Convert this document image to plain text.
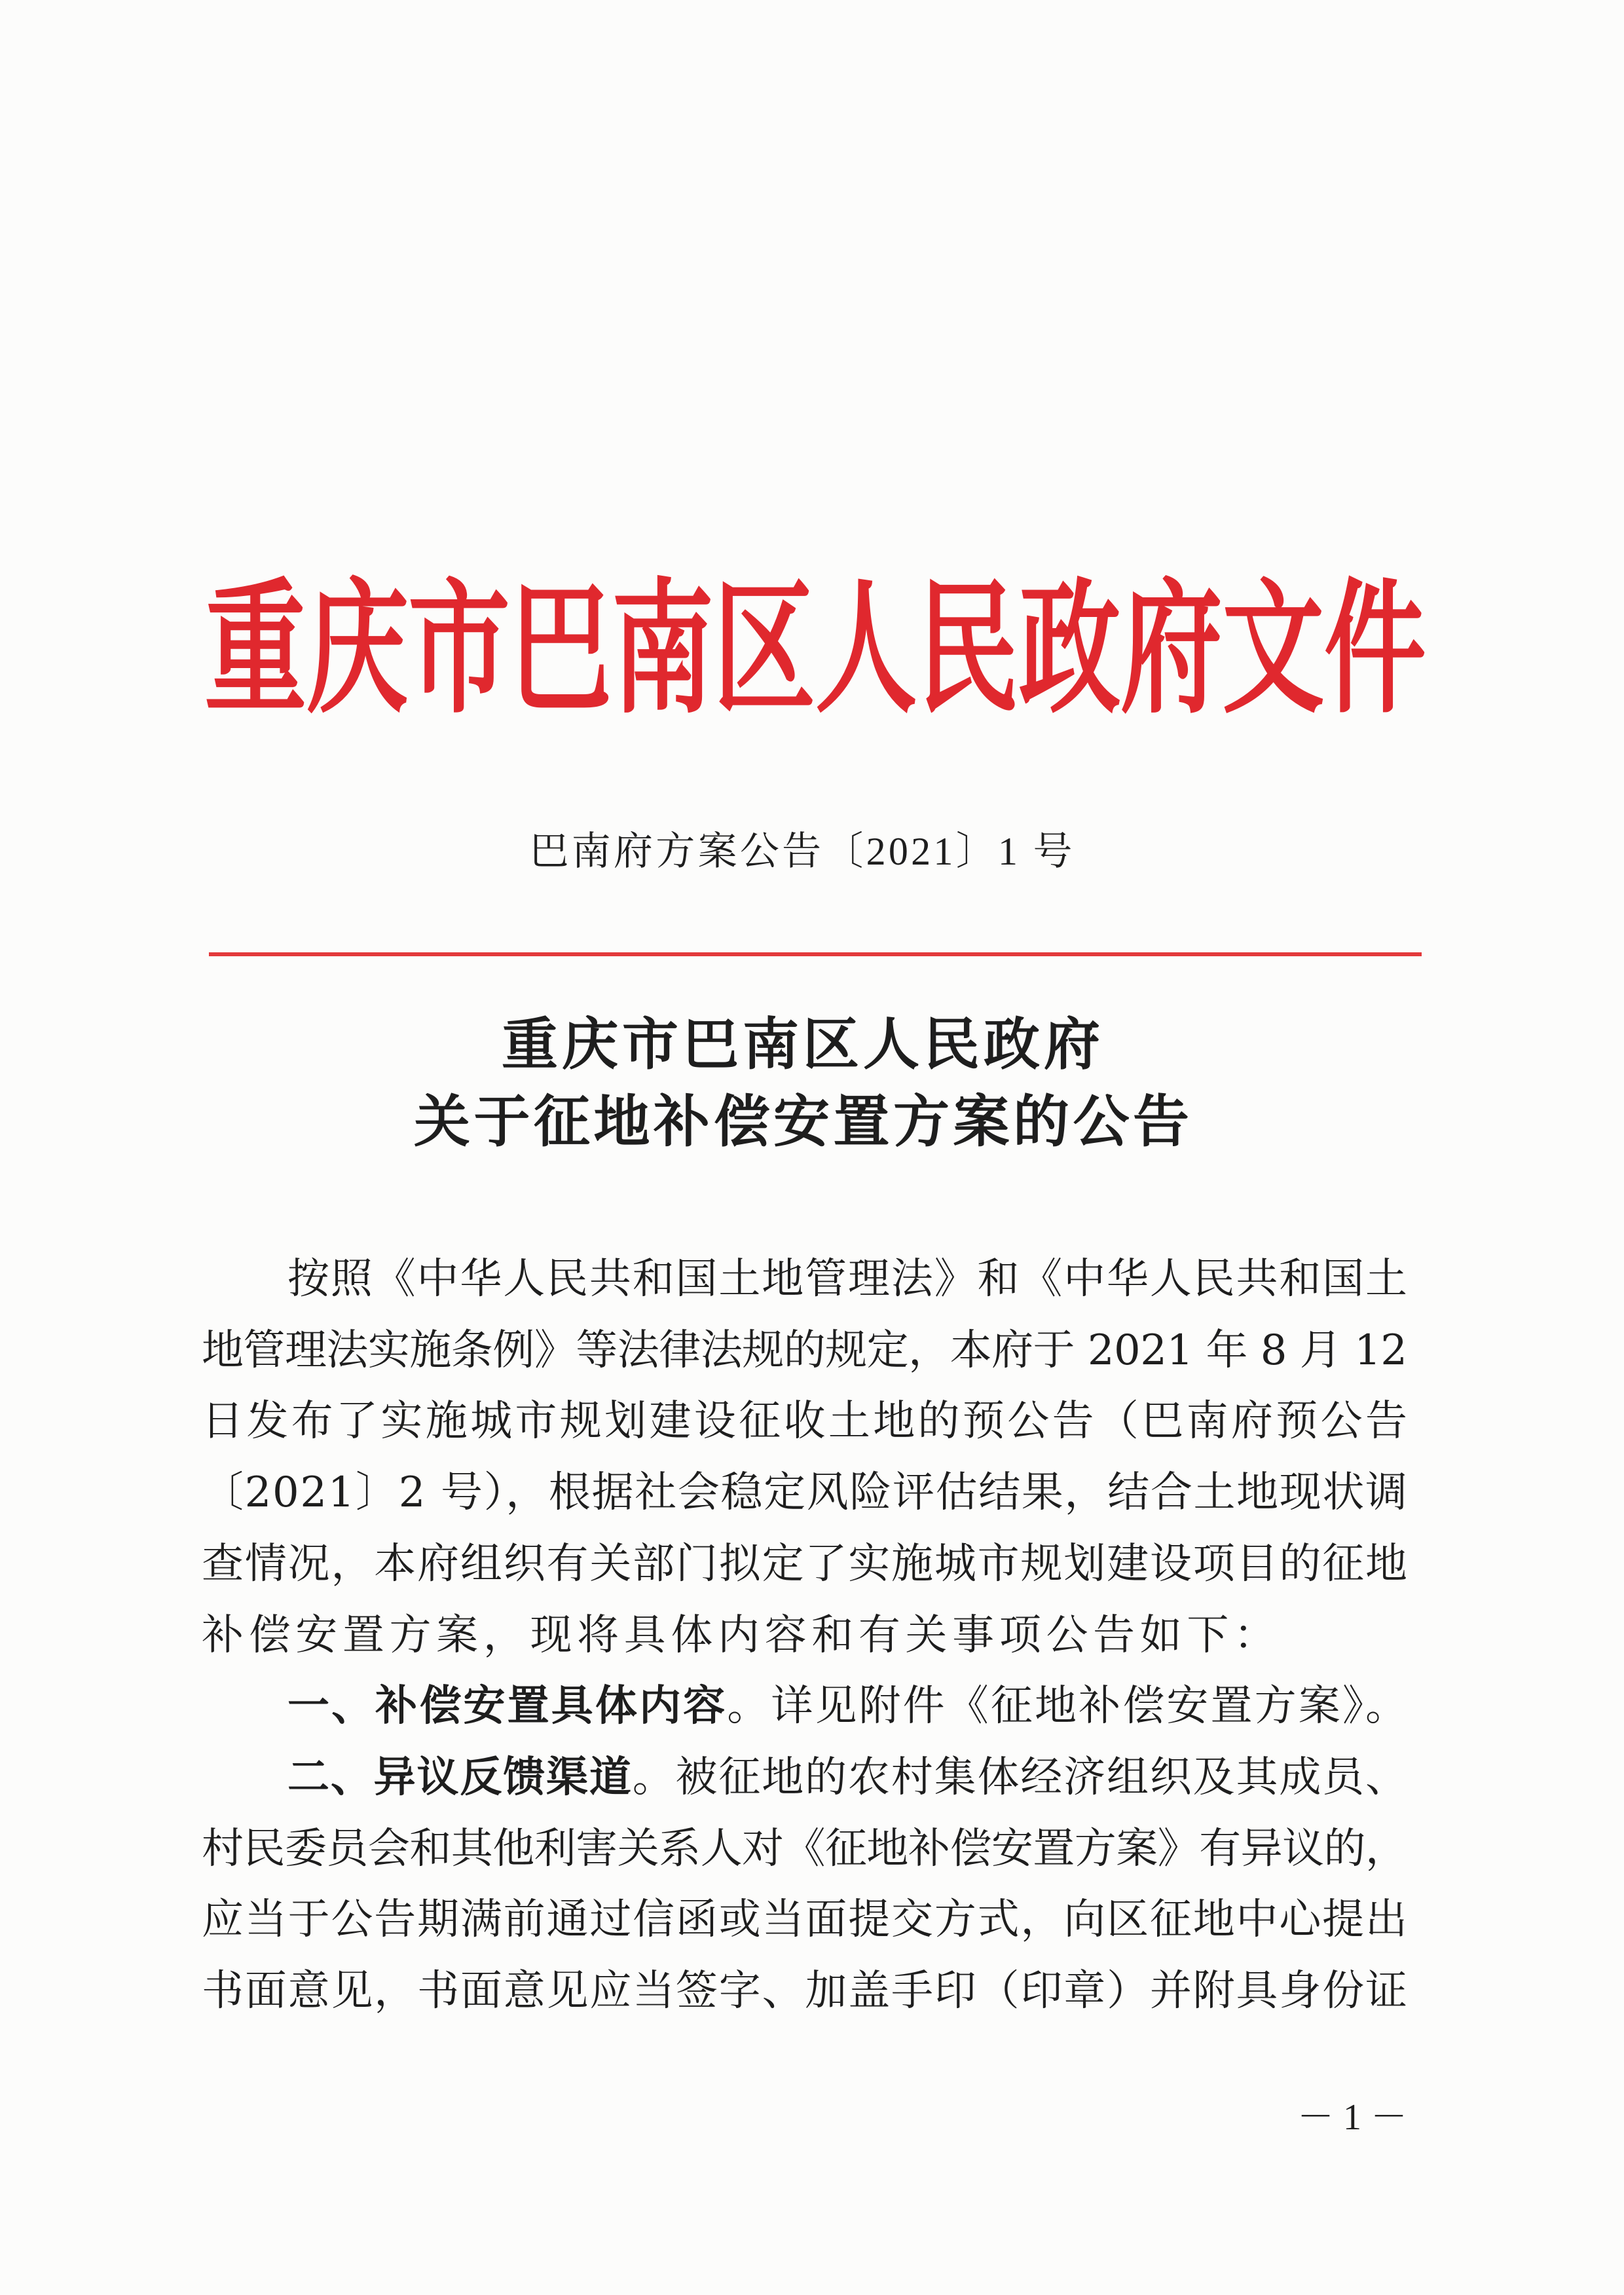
重庆市巴南区人民政府文件
巴南府方案公告〔2021〕1 号
重庆市巴南区人民政府
关于征地补偿安置方案的公告
按照《中华人民共和国土地管理法》和《中华人民共和国土
地管理法实施条例》等法律法规的规定，本府于 2021 年 8 月 12
日发布了实施城市规划建设征收土地的预公告（巴南府预公告
〔2021〕2 号），根据社会稳定风险评估结果，结合土地现状调
查情况，本府组织有关部门拟定了实施城市规划建设项目的征地
补偿安置方案，现将具体内容和有关事项公告如下：
一、补偿安置具体内容。详见附件《征地补偿安置方案》。
二、异议反馈渠道。被征地的农村集体经济组织及其成员、
村民委员会和其他利害关系人对《征地补偿安置方案》有异议的，
应当于公告期满前通过信函或当面提交方式，向区征地中心提出
书面意见，书面意见应当签字、加盖手印（印章）并附具身份证
－ 1 －
